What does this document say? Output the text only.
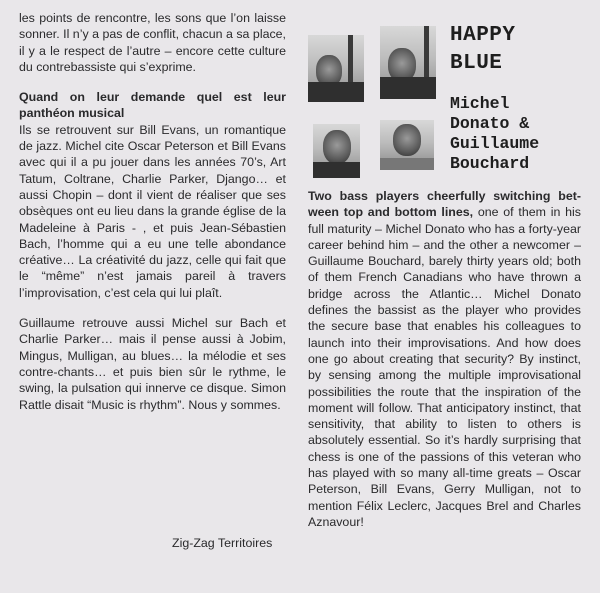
les points de rencontre, les sons que l’on laisse sonner. Il n’y a pas de conflit, chacun a sa place, il y a le respect de l’autre – encore cette culture du contrebassiste qui s’exprime.

Quand on leur demande quel est leur panthéon musical

Ils se retrouvent sur Bill Evans, un romantique de jazz. Michel cite Oscar Peterson et Bill Evans avec qui il a pu jouer dans les années 70’s, Art Tatum, Coltrane, Charlie Parker, Django… et aussi Chopin – dont il vient de réaliser que ses obsèques ont eu lieu dans la grande église de la Madeleine à Paris - , et puis Jean-Sébastien Bach, l’homme qui a eu une telle abondance créative… La créativité du jazz, celle qui fait que le “même” n’est jamais pareil à travers l’improvisation, c’est cela qui lui plaît.

Guillaume retrouve aussi Michel sur Bach et Charlie Parker… mais il pense aussi à Jobim, Mingus, Mulligan, au blues… la mélodie et ses contre-chants… et puis bien sûr le rythme, le swing, la pulsation qui innerve ce disque. Simon Rattle disait “Music is rhythm”. Nous y sommes.

Zig-Zag Territoires
HAPPY
BLUE
Michel
Donato &
Guillaume
Bouchard

Two bass players cheerfully switching between top and bottom lines, one of them in his full maturity – Michel Donato who has a forty-year career behind him – and the other a newcomer – Guillaume Bouchard, barely thirty years old; both of them French Canadians who have thrown a bridge across the Atlantic… Michel Donato defines the bassist as the player who provides the secure base that enables his colleagues to launch into their improvisations. And how does one go about creating that security? By instinct, by sensing among the multiple improvisational possibilities the route that the inspiration of the moment will follow. That anticipatory instinct, that sensitivity, that ability to listen to others is absolutely essential. So it’s hardly surprising that chess is one of the passions of this veteran who has played with so many all-time greats – Oscar Peterson, Bill Evans, Gerry Mulligan, not to mention Félix Leclerc, Jacques Brel and Charles Aznavour!
